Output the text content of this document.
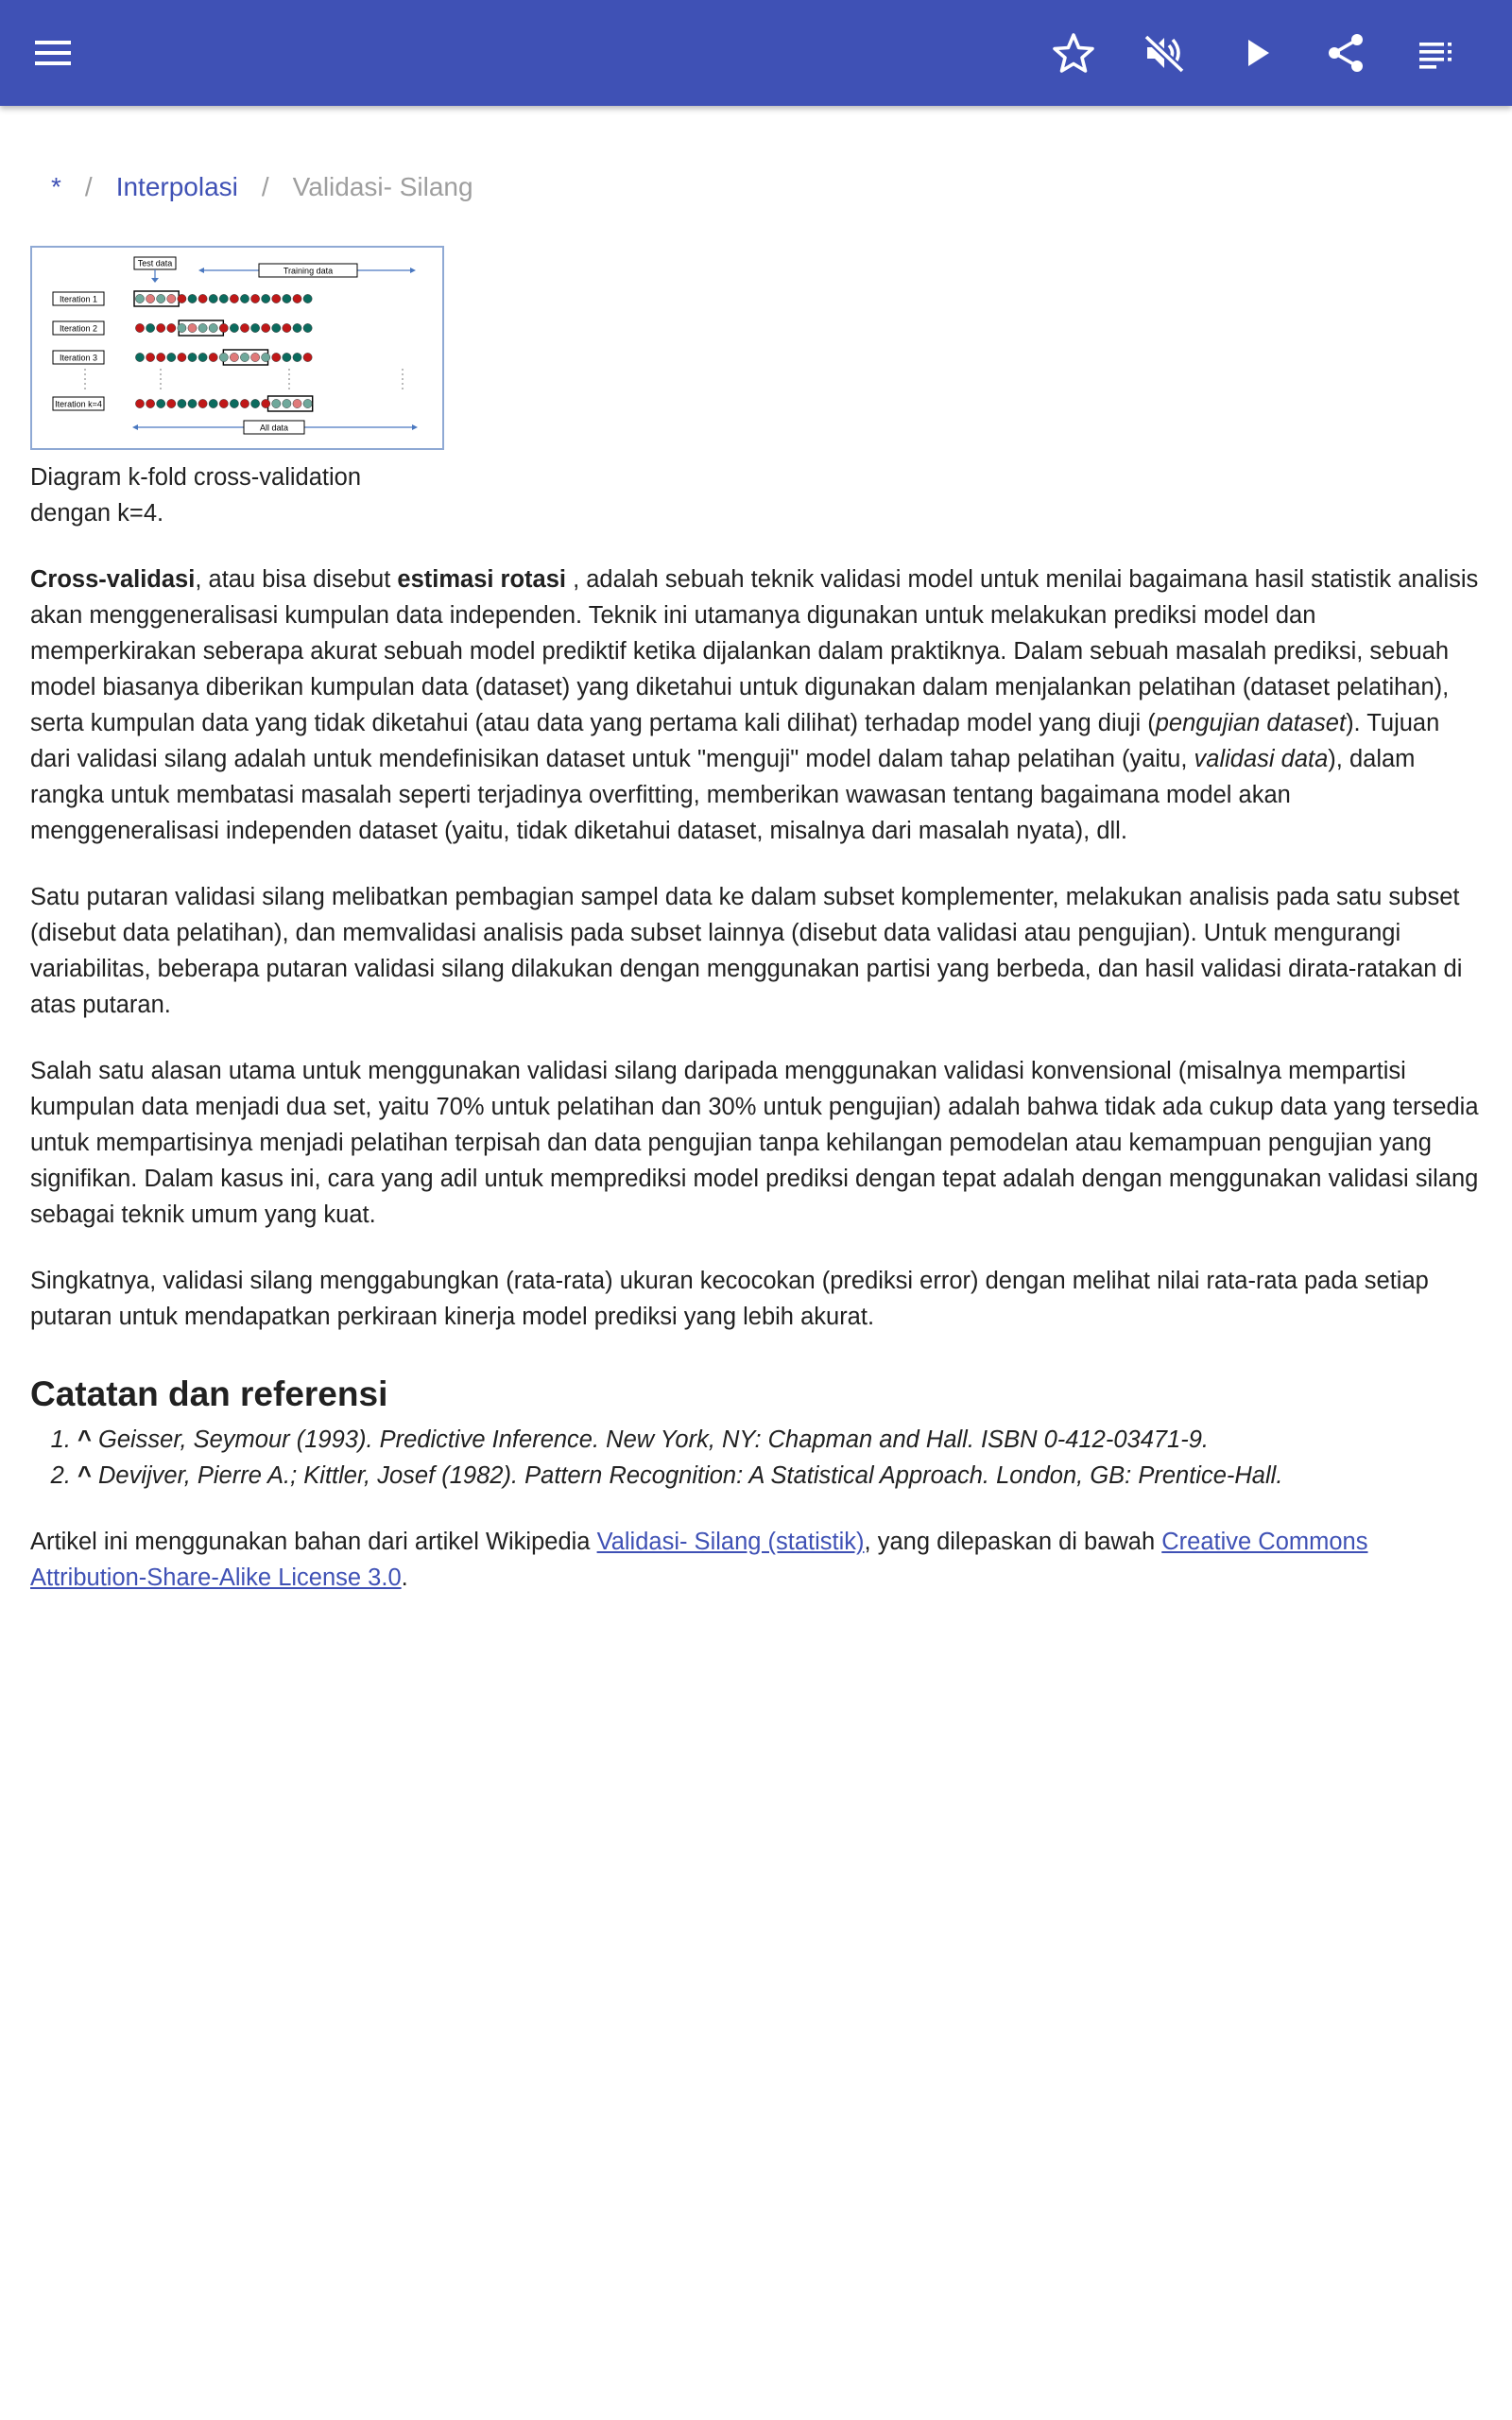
* / Interpolasi / Validasi- Silang
Test data
Training data
Iteration 1
Iteration 2
Iteration 3
Iteration k=4
All data

Diagram k-fold cross-validation
dengan k=4.

Cross-validasi, atau bisa disebut estimasi rotasi , adalah sebuah teknik validasi model untuk menilai bagaimana hasil statistik analisis akan menggeneralisasi kumpulan data independen. Teknik ini utamanya digunakan untuk melakukan prediksi model dan memperkirakan seberapa akurat sebuah model prediktif ketika dijalankan dalam praktiknya. Dalam sebuah masalah prediksi, sebuah model biasanya diberikan kumpulan data (dataset) yang diketahui untuk digunakan dalam menjalankan pelatihan (dataset pelatihan), serta kumpulan data yang tidak diketahui (atau data yang pertama kali dilihat) terhadap model yang diuji (pengujian dataset). Tujuan dari validasi silang adalah untuk mendefinisikan dataset untuk "menguji" model dalam tahap pelatihan (yaitu, validasi data), dalam rangka untuk membatasi masalah seperti terjadinya overfitting, memberikan wawasan tentang bagaimana model akan menggeneralisasi independen dataset (yaitu, tidak diketahui dataset, misalnya dari masalah nyata), dll.

Satu putaran validasi silang melibatkan pembagian sampel data ke dalam subset komplementer, melakukan analisis pada satu subset (disebut data pelatihan), dan memvalidasi analisis pada subset lainnya (disebut data validasi atau pengujian). Untuk mengurangi variabilitas, beberapa putaran validasi silang dilakukan dengan menggunakan partisi yang berbeda, dan hasil validasi dirata-ratakan di atas putaran.

Salah satu alasan utama untuk menggunakan validasi silang daripada menggunakan validasi konvensional (misalnya mempartisi kumpulan data menjadi dua set, yaitu 70% untuk pelatihan dan 30% untuk pengujian) adalah bahwa tidak ada cukup data yang tersedia untuk mempartisinya menjadi pelatihan terpisah dan data pengujian tanpa kehilangan pemodelan atau kemampuan pengujian yang signifikan. Dalam kasus ini, cara yang adil untuk memprediksi model prediksi dengan tepat adalah dengan menggunakan validasi silang sebagai teknik umum yang kuat.

Singkatnya, validasi silang menggabungkan (rata-rata) ukuran kecocokan (prediksi error) dengan melihat nilai rata-rata pada setiap putaran untuk mendapatkan perkiraan kinerja model prediksi yang lebih akurat.

Catatan dan referensi
1. ^ Geisser, Seymour (1993). Predictive Inference. New York, NY: Chapman and Hall. ISBN 0-412-03471-9.
2. ^ Devijver, Pierre A.; Kittler, Josef (1982). Pattern Recognition: A Statistical Approach. London, GB: Prentice-Hall.

Artikel ini menggunakan bahan dari artikel Wikipedia Validasi- Silang (statistik), yang dilepaskan di bawah Creative Commons Attribution-Share-Alike License 3.0.
